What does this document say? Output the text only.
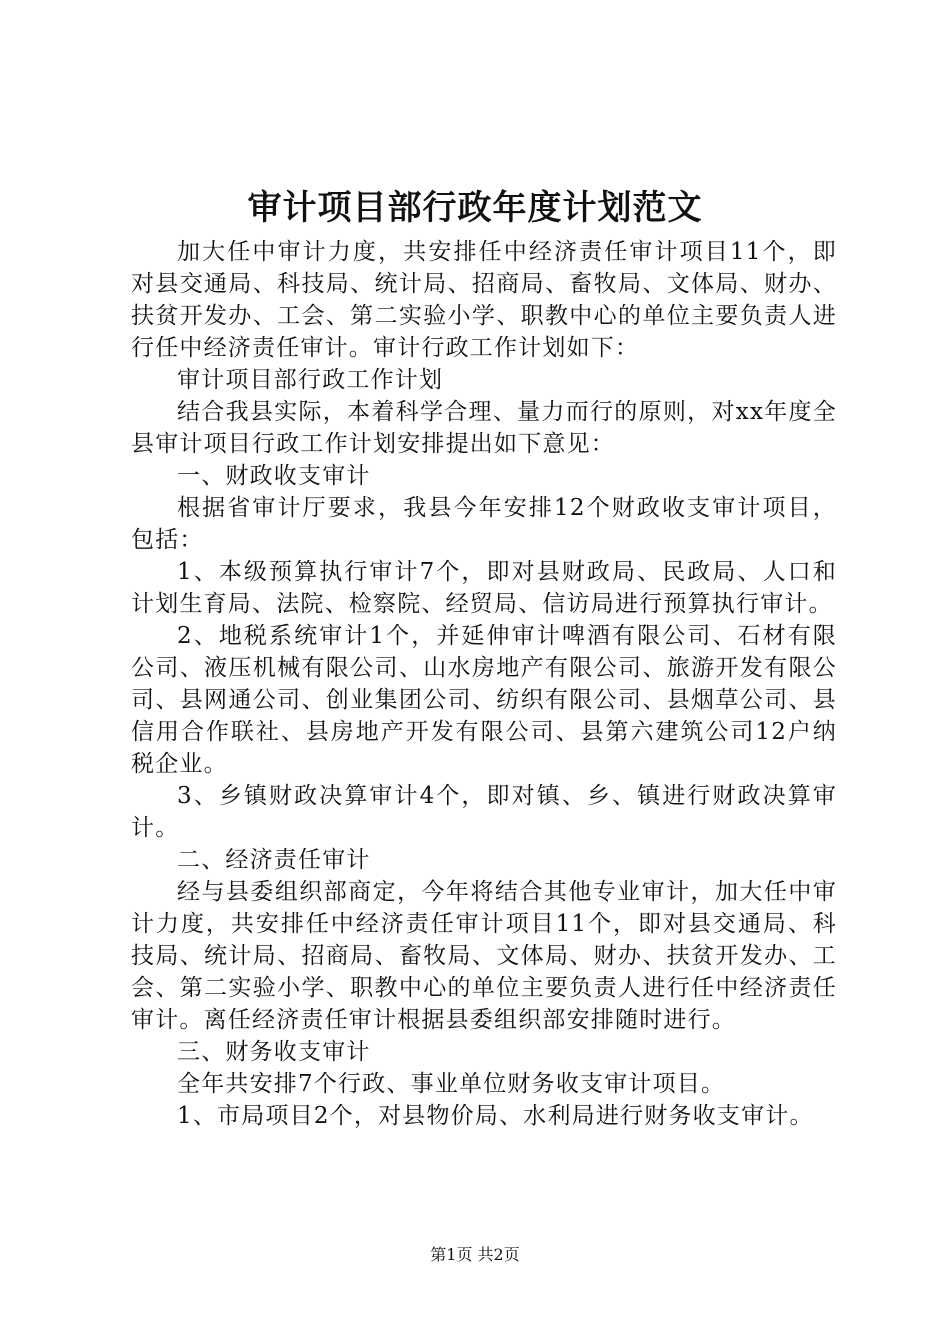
审计项目部行政年度计划范文

加大任中审计力度，共安排任中经济责任审计项目11个，即对县交通局、科技局、统计局、招商局、畜牧局、文体局、财办、扶贫开发办、工会、第二实验小学、职教中心的单位主要负责人进行任中经济责任审计。审计行政工作计划如下：

审计项目部行政工作计划

结合我县实际，本着科学合理、量力而行的原则，对xx年度全县审计项目行政工作计划安排提出如下意见：

一、财政收支审计

根据省审计厅要求，我县今年安排12个财政收支审计项目，包括：

1、本级预算执行审计7个，即对县财政局、民政局、人口和计划生育局、法院、检察院、经贸局、信访局进行预算执行审计。

2、地税系统审计1个，并延伸审计啤酒有限公司、石材有限公司、液压机械有限公司、山水房地产有限公司、旅游开发有限公司、县网通公司、创业集团公司、纺织有限公司、县烟草公司、县信用合作联社、县房地产开发有限公司、县第六建筑公司12户纳税企业。

3、乡镇财政决算审计4个，即对镇、乡、镇进行财政决算审计。

二、经济责任审计

经与县委组织部商定，今年将结合其他专业审计，加大任中审计力度，共安排任中经济责任审计项目11个，即对县交通局、科技局、统计局、招商局、畜牧局、文体局、财办、扶贫开发办、工会、第二实验小学、职教中心的单位主要负责人进行任中经济责任审计。离任经济责任审计根据县委组织部安排随时进行。

三、财务收支审计

全年共安排7个行政、事业单位财务收支审计项目。

1、市局项目2个，对县物价局、水利局进行财务收支审计。

第1页 共2页
